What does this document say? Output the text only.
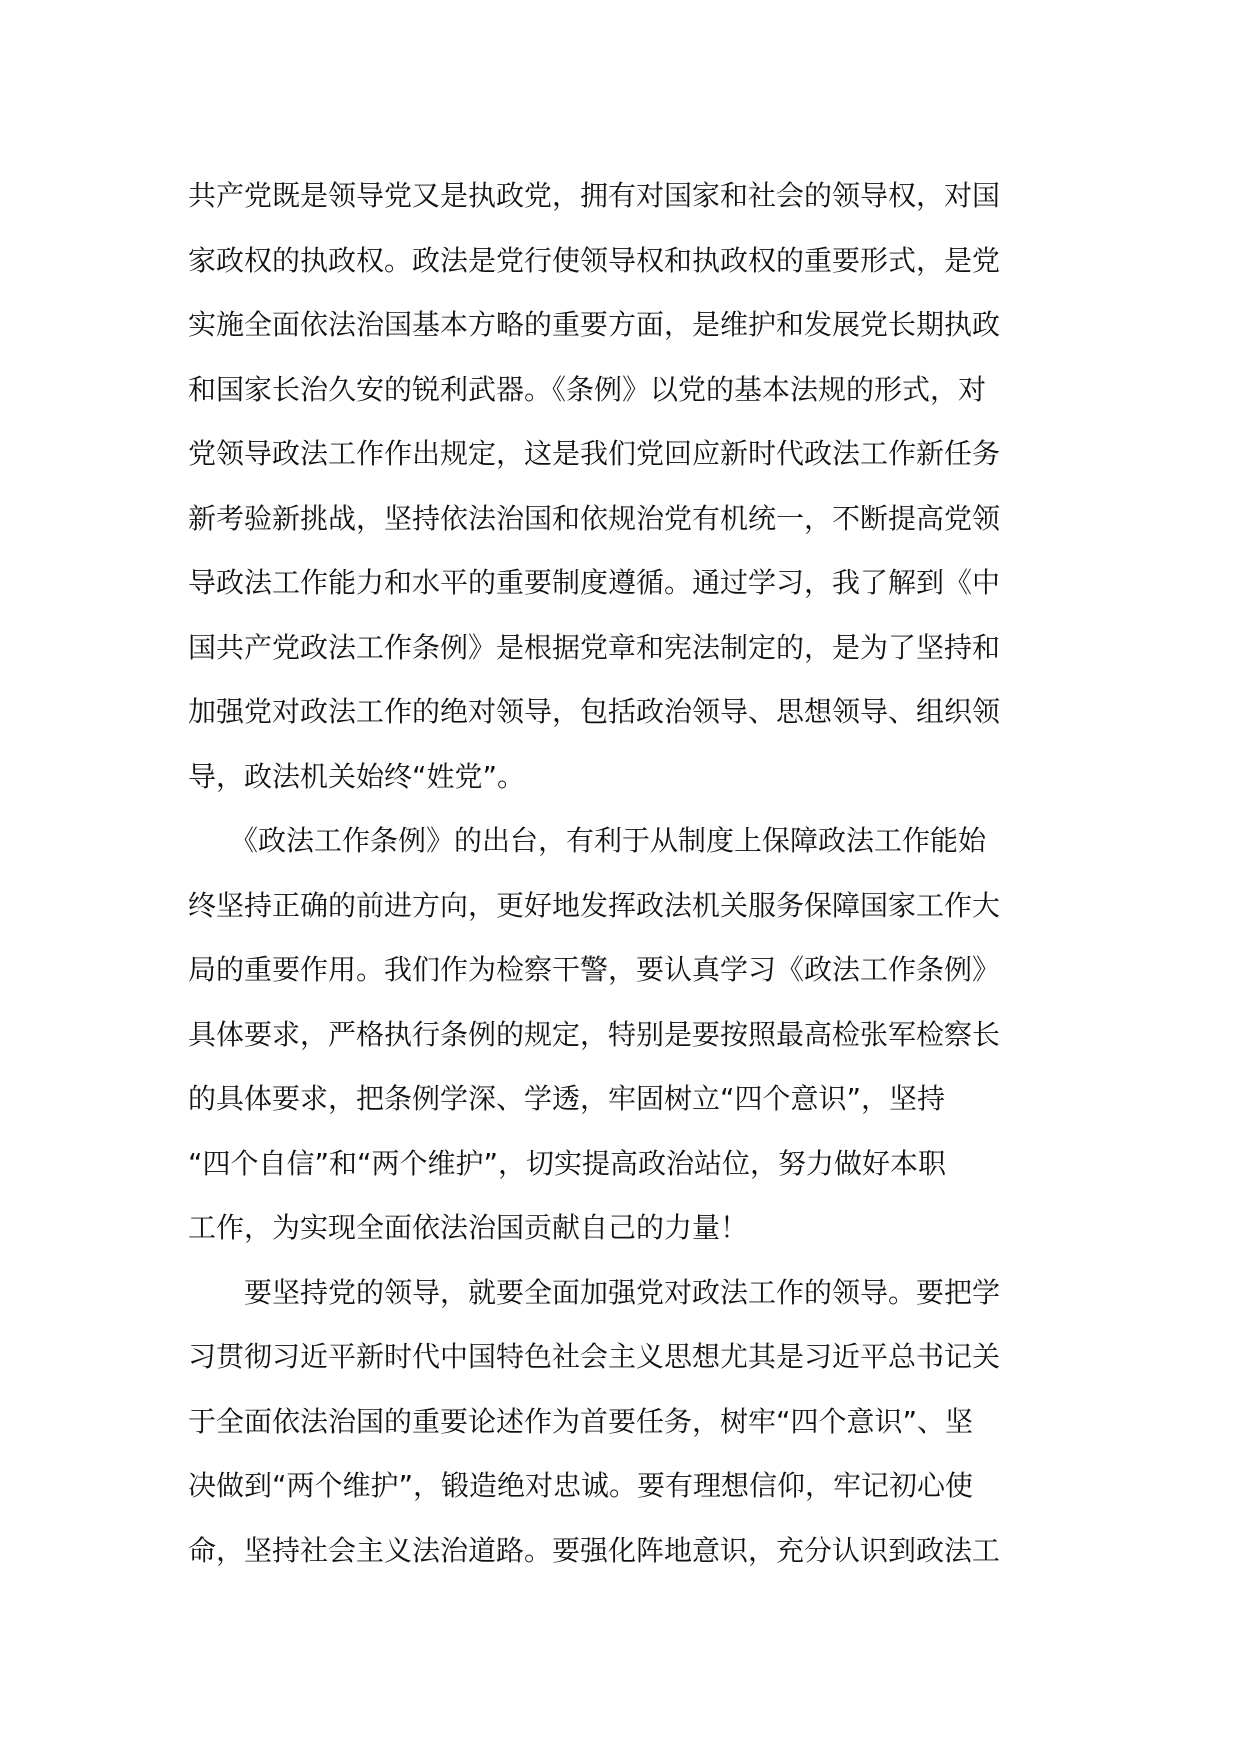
共产党既是领导党又是执政党，拥有对国家和社会的领导权，对国
家政权的执政权。政法是党行使领导权和执政权的重要形式，是党
实施全面依法治国基本方略的重要方面，是维护和发展党长期执政
和国家长治久安的锐利武器。《条例》以党的基本法规的形式，对
党领导政法工作作出规定，这是我们党回应新时代政法工作新任务
新考验新挑战，坚持依法治国和依规治党有机统一，不断提高党领
导政法工作能力和水平的重要制度遵循。通过学习，我了解到《中
国共产党政法工作条例》是根据党章和宪法制定的，是为了坚持和
加强党对政法工作的绝对领导，包括政治领导、思想领导、组织领
导，政法机关始终“姓党”。
　　《政法工作条例》的出台，有利于从制度上保障政法工作能始
终坚持正确的前进方向，更好地发挥政法机关服务保障国家工作大
局的重要作用。我们作为检察干警，要认真学习《政法工作条例》
具体要求，严格执行条例的规定，特别是要按照最高检张军检察长
的具体要求，把条例学深、学透，牢固树立“四个意识”，坚持
“四个自信”和“两个维护”，切实提高政治站位，努力做好本职
工作，为实现全面依法治国贡献自己的力量！
　　要坚持党的领导，就要全面加强党对政法工作的领导。要把学
习贯彻习近平新时代中国特色社会主义思想尤其是习近平总书记关
于全面依法治国的重要论述作为首要任务，树牢“四个意识”、坚
决做到“两个维护”，锻造绝对忠诚。要有理想信仰，牢记初心使
命，坚持社会主义法治道路。要强化阵地意识，充分认识到政法工
